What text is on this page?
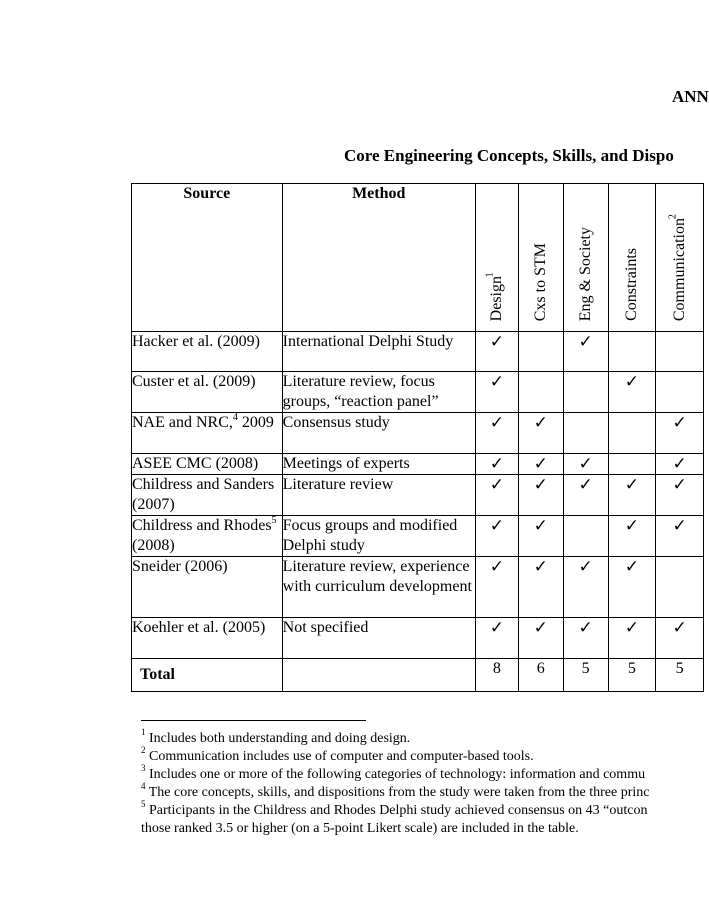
ANN
Core Engineering Concepts, Skills, and Dispo
Source	Method	Design$^1$	Cxs to STM	Eng & Society	Constraints	Communication$^2$

Hacker et al. (2009)	International Delphi Study	✓		✓		
Custer et al. (2009)	Literature review, focus groups, “reaction panel”	✓			✓	
NAE and NRC,$^4$ 2009	Consensus study	✓	✓			✓
ASEE CMC (2008)	Meetings of experts	✓	✓	✓		✓
Childress and Sanders (2007)	Literature review	✓	✓	✓	✓	✓
Childress and Rhodes$^5$ (2008)	Focus groups and modified Delphi study	✓	✓		✓	✓
Sneider (2006)	Literature review, experience with curriculum development	✓	✓	✓	✓	
Koehler et al. (2005)	Not specified	✓	✓	✓	✓	✓
Total		8	6	5	5	5
$^1$ Includes both understanding and doing design.
$^2$ Communication includes use of computer and computer-based tools.
$^3$ Includes one or more of the following categories of technology: information and commu
$^4$ The core concepts, skills, and dispositions from the study were taken from the three princ
$^5$ Participants in the Childress and Rhodes Delphi study achieved consensus on 43 “outcon
those ranked 3.5 or higher (on a 5-point Likert scale) are included in the table.
